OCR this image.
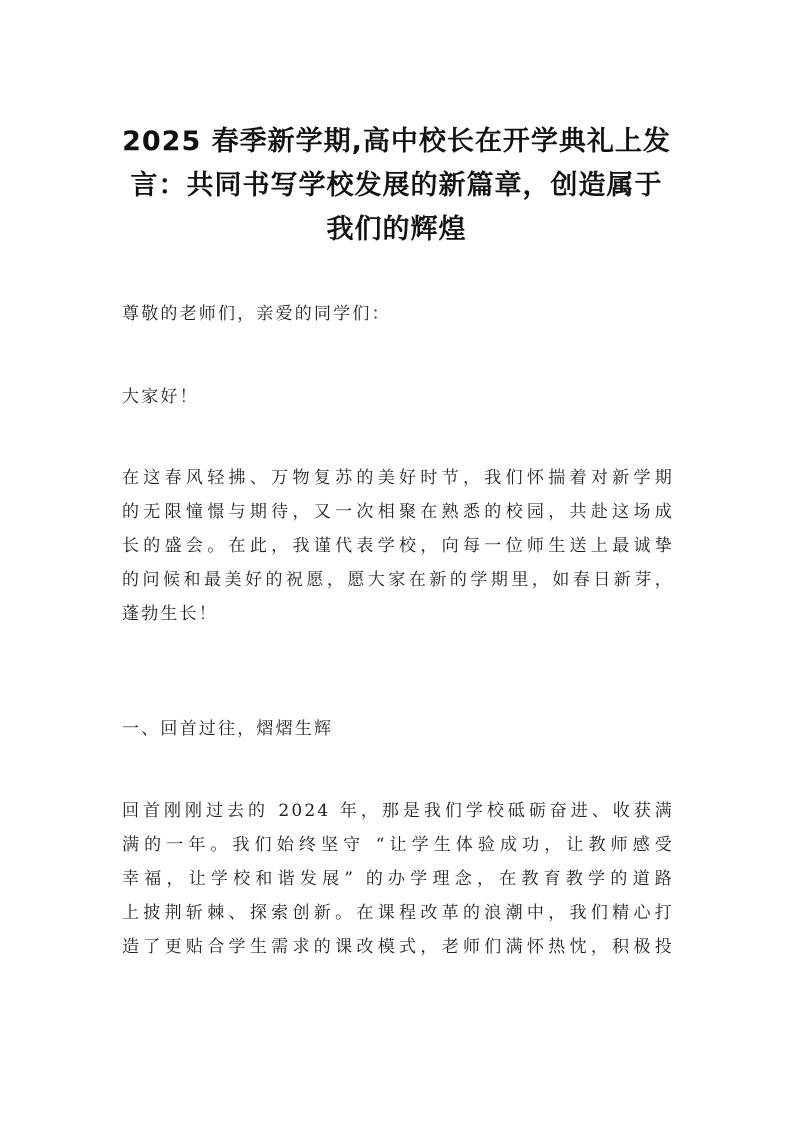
2025 春季新学期,高中校长在开学典礼上发
言：共同书写学校发展的新篇章，创造属于
我们的辉煌
尊敬的老师们，亲爱的同学们：
大家好！
在这春风轻拂、万物复苏的美好时节，我们怀揣着对新学期
的无限憧憬与期待，又一次相聚在熟悉的校园，共赴这场成
长的盛会。在此，我谨代表学校，向每一位师生送上最诚挚
的问候和最美好的祝愿，愿大家在新的学期里，如春日新芽，
蓬勃生长！
一、回首过往，熠熠生辉
回首刚刚过去的 2024 年，那是我们学校砥砺奋进、收获满
满的一年。我们始终坚守 “让学生体验成功，让教师感受
幸福，让学校和谐发展” 的办学理念，在教育教学的道路
上披荆斩棘、探索创新。在课程改革的浪潮中，我们精心打
造了更贴合学生需求的课改模式，老师们满怀热忱，积极投
